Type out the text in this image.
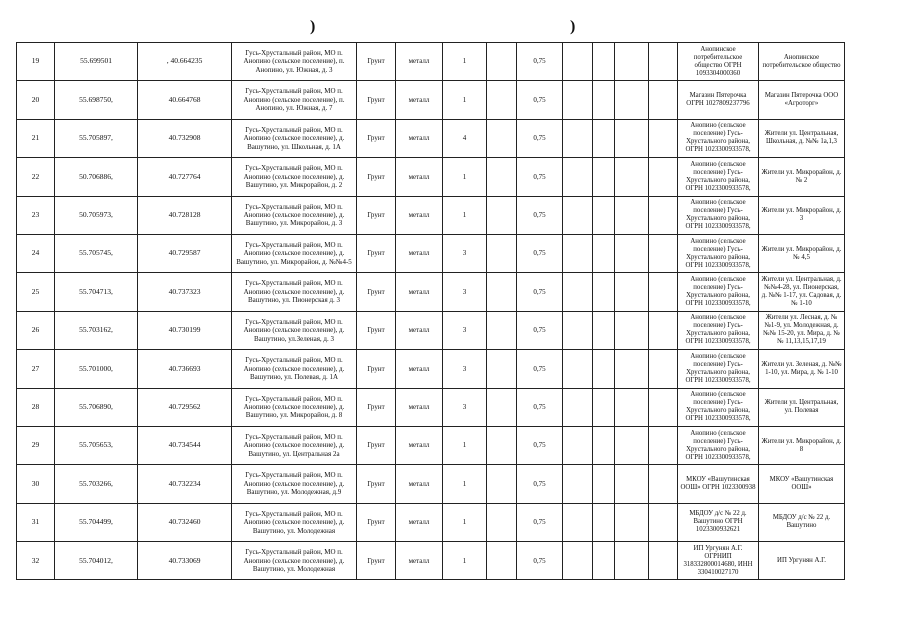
)	)
19	55.699501	, 40.664235	Гусь-Хрустальный район, МО п. Анопино (сельское поселение), п. Анопино, ул. Южная, д. 3	Грунт	металл	1		0,75					Анопинское потребительское общество ОГРН 1093304000360	Анопинское потребительское общество
20	55.698750,	40.664768	Гусь-Хрустальный район, МО п. Анопино (сельское поселение), п. Анопино, ул. Южная, д. 7	Грунт	металл	1		0,75					Магазин Пятерочка ОГРН 1027809237796	Магазин Пятерочка ООО «Агроторг»
21	55.705897,	40.732908	Гусь-Хрустальный район, МО п. Анопино (сельское поселение), д. Вашутино, ул. Школьная, д. 1А	Грунт	металл	4		0,75					Анопино (сельское поселение) Гусь-Хрустального района, ОГРН 1023300933578,	Жители ул. Центральная, Школьная, д. №№ 1а,1,3
22	50.706886,	40.727764	Гусь-Хрустальный район, МО п. Анопино (сельское поселение), д. Вашутино, ул. Микрорайон, д. 2	Грунт	металл	1		0,75					Анопино (сельское поселение) Гусь-Хрустального района, ОГРН 1023300933578,	Жители ул. Микрорайон, д. № 2
23	50.705973,	40.728128	Гусь-Хрустальный район, МО п. Анопино (сельское поселение), д. Вашутино, ул. Микрорайон, д. 3	Грунт	металл	1		0,75					Анопино (сельское поселение) Гусь-Хрустального района, ОГРН 1023300933578,	Жители ул. Микрорайон, д. 3
24	55.705745,	40.729587	Гусь-Хрустальный район, МО п. Анопино (сельское поселение), д. Вашутино, ул. Микрорайон, д. №№4-5	Грунт	металл	3		0,75					Анопино (сельское поселение) Гусь-Хрустального района, ОГРН 1023300933578,	Жители ул. Микрорайон, д. № 4,5
25	55.704713,	40.737323	Гусь-Хрустальный район, МО п. Анопино (сельское поселение), д. Вашутино, ул. Пионерская д. 3	Грунт	металл	3		0,75					Анопино (сельское поселение) Гусь-Хрустального района, ОГРН 1023300933578,	Жители ул. Центральная, д. №№4-28, ул. Пионерская, д. №№ 1-17, ул. Садовая, д. № 1-10
26	55.703162,	40.730199	Гусь-Хрустальный район, МО п. Анопино (сельское поселение), д. Вашутино, ул.Зеленая, д. 3	Грунт	металл	3		0,75					Анопино (сельское поселение) Гусь-Хрустального района, ОГРН 1023300933578,	Жители ул. Лесная, д. №№1-9, ул. Молодежная, д. №№ 15-20, ул. Мира, д. №№ 11,13,15,17,19
27	55.701000,	40.736693	Гусь-Хрустальный район, МО п. Анопино (сельское поселение), д. Вашутино, ул. Полевая, д. 1А	Грунт	металл	3		0,75					Анопино (сельское поселение) Гусь-Хрустального района, ОГРН 1023300933578,	Жители ул. Зеленая, д. №№ 1-10, ул. Мира, д. № 1-10
28	55.706890,	40.729562	Гусь-Хрустальный район, МО п. Анопино (сельское поселение), д. Вашутино, ул. Микрорайон, д. 8	Грунт	металл	3		0,75					Анопино (сельское поселение) Гусь-Хрустального района, ОГРН 1023300933578,	Жители ул. Центральная, ул. Полевая
29	55.705653,	40.734544	Гусь-Хрустальный район, МО п. Анопино (сельское поселение), д. Вашутино, ул. Центральная 2а	Грунт	металл	1		0,75					Анопино (сельское поселение) Гусь-Хрустального района, ОГРН 1023300933578,	Жители ул. Микрорайон, д. 8
30	55.703266,	40.732234	Гусь-Хрустальный район, МО п. Анопино (сельское поселение), д. Вашутино, ул. Молодежная, д.9	Грунт	металл	1		0,75					МКОУ «Вашутинская ООШ» ОГРН 1023300938	МКОУ «Вашутинская ООШ»
31	55.704499,	40.732460	Гусь-Хрустальный район, МО п. Анопино (сельское поселение), д. Вашутино, ул. Молодежная	Грунт	металл	1		0,75					МБДОУ д/с № 22 д. Вашутино ОГРН 1023300932621	МБДОУ д/с № 22 д. Вашутино
32	55.704012,	40.733069	Гусь-Хрустальный район, МО п. Анопино (сельское поселение), д. Вашутино, ул. Молодежная	Грунт	металл	1		0,75					ИП Ургунян А.Г. ОГРНИП 318332800014680, ИНН 330410027170	ИП Ургунян А.Г.
